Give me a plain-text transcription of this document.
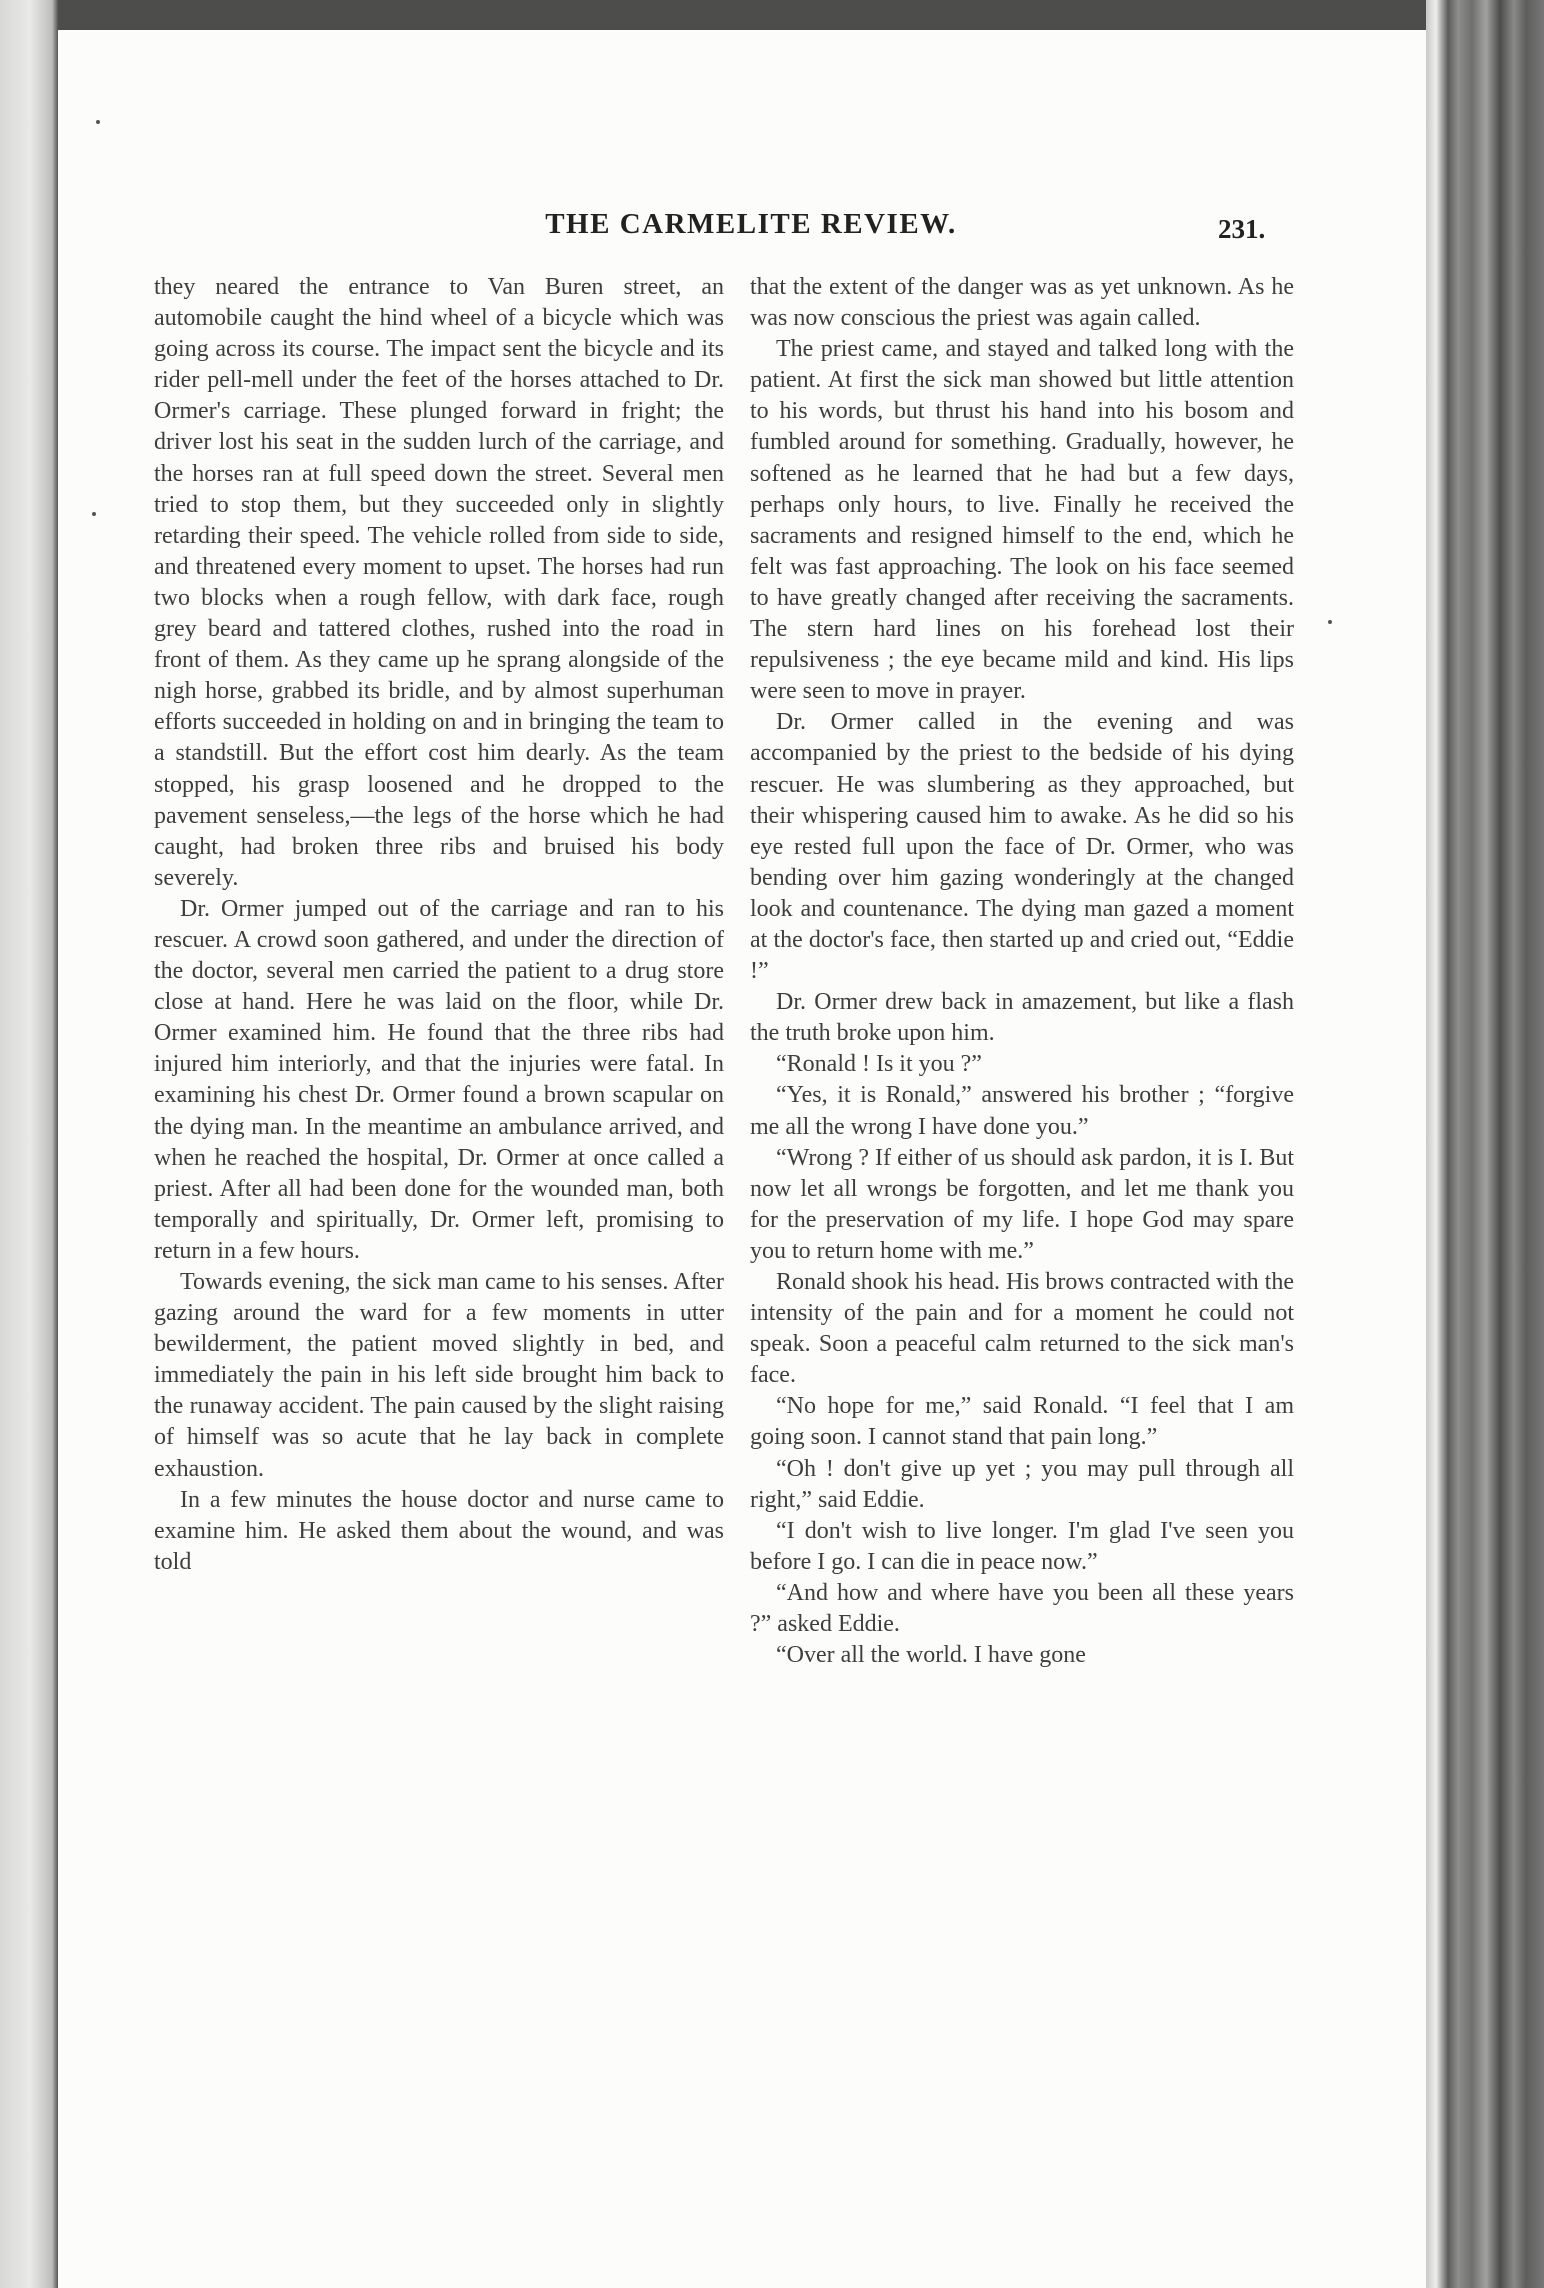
THE CARMELITE REVIEW.	231.

they neared the entrance to Van Buren street, an automobile caught the hind wheel of a bicycle which was going across its course. The impact sent the bicycle and its rider pell-mell under the feet of the horses attached to Dr. Ormer's carriage. These plunged forward in fright; the driver lost his seat in the sudden lurch of the carriage, and the horses ran at full speed down the street. Several men tried to stop them, but they succeeded only in slightly retarding their speed. The vehicle rolled from side to side, and threatened every moment to upset. The horses had run two blocks when a rough fellow, with dark face, rough grey beard and tattered clothes, rushed into the road in front of them. As they came up he sprang alongside of the nigh horse, grabbed its bridle, and by almost superhuman efforts succeeded in holding on and in bringing the team to a standstill. But the effort cost him dearly. As the team stopped, his grasp loosened and he dropped to the pavement senseless,—the legs of the horse which he had caught, had broken three ribs and bruised his body severely.

Dr. Ormer jumped out of the carriage and ran to his rescuer. A crowd soon gathered, and under the direction of the doctor, several men carried the patient to a drug store close at hand. Here he was laid on the floor, while Dr. Ormer examined him. He found that the three ribs had injured him interiorly, and that the injuries were fatal. In examining his chest Dr. Ormer found a brown scapular on the dying man. In the meantime an ambulance arrived, and when he reached the hospital, Dr. Ormer at once called a priest. After all had been done for the wounded man, both temporally and spiritually, Dr. Ormer left, promising to return in a few hours.

Towards evening, the sick man came to his senses. After gazing around the ward for a few moments in utter bewilderment, the patient moved slightly in bed, and immediately the pain in his left side brought him back to the runaway accident. The pain caused by the slight raising of himself was so acute that he lay back in complete exhaustion.

In a few minutes the house doctor and nurse came to examine him. He asked them about the wound, and was told

that the extent of the danger was as yet unknown. As he was now conscious the priest was again called.

The priest came, and stayed and talked long with the patient. At first the sick man showed but little attention to his words, but thrust his hand into his bosom and fumbled around for something. Gradually, however, he softened as he learned that he had but a few days, perhaps only hours, to live. Finally he received the sacraments and resigned himself to the end, which he felt was fast approaching. The look on his face seemed to have greatly changed after receiving the sacraments. The stern hard lines on his forehead lost their repulsiveness ; the eye became mild and kind. His lips were seen to move in prayer.

Dr. Ormer called in the evening and was accompanied by the priest to the bedside of his dying rescuer. He was slumbering as they approached, but their whispering caused him to awake. As he did so his eye rested full upon the face of Dr. Ormer, who was bending over him gazing wonderingly at the changed look and countenance. The dying man gazed a moment at the doctor's face, then started up and cried out, “Eddie !”

Dr. Ormer drew back in amazement, but like a flash the truth broke upon him.

“Ronald ! Is it you ?”

“Yes, it is Ronald,” answered his brother ; “forgive me all the wrong I have done you.”

“Wrong ? If either of us should ask pardon, it is I. But now let all wrongs be forgotten, and let me thank you for the preservation of my life. I hope God may spare you to return home with me.”

Ronald shook his head. His brows contracted with the intensity of the pain and for a moment he could not speak. Soon a peaceful calm returned to the sick man's face.

“No hope for me,” said Ronald. “I feel that I am going soon. I cannot stand that pain long.”

“Oh ! don't give up yet ; you may pull through all right,” said Eddie.

“I don't wish to live longer. I'm glad I've seen you before I go. I can die in peace now.”

“And how and where have you been all these years ?” asked Eddie.

“Over all the world. I have gone
